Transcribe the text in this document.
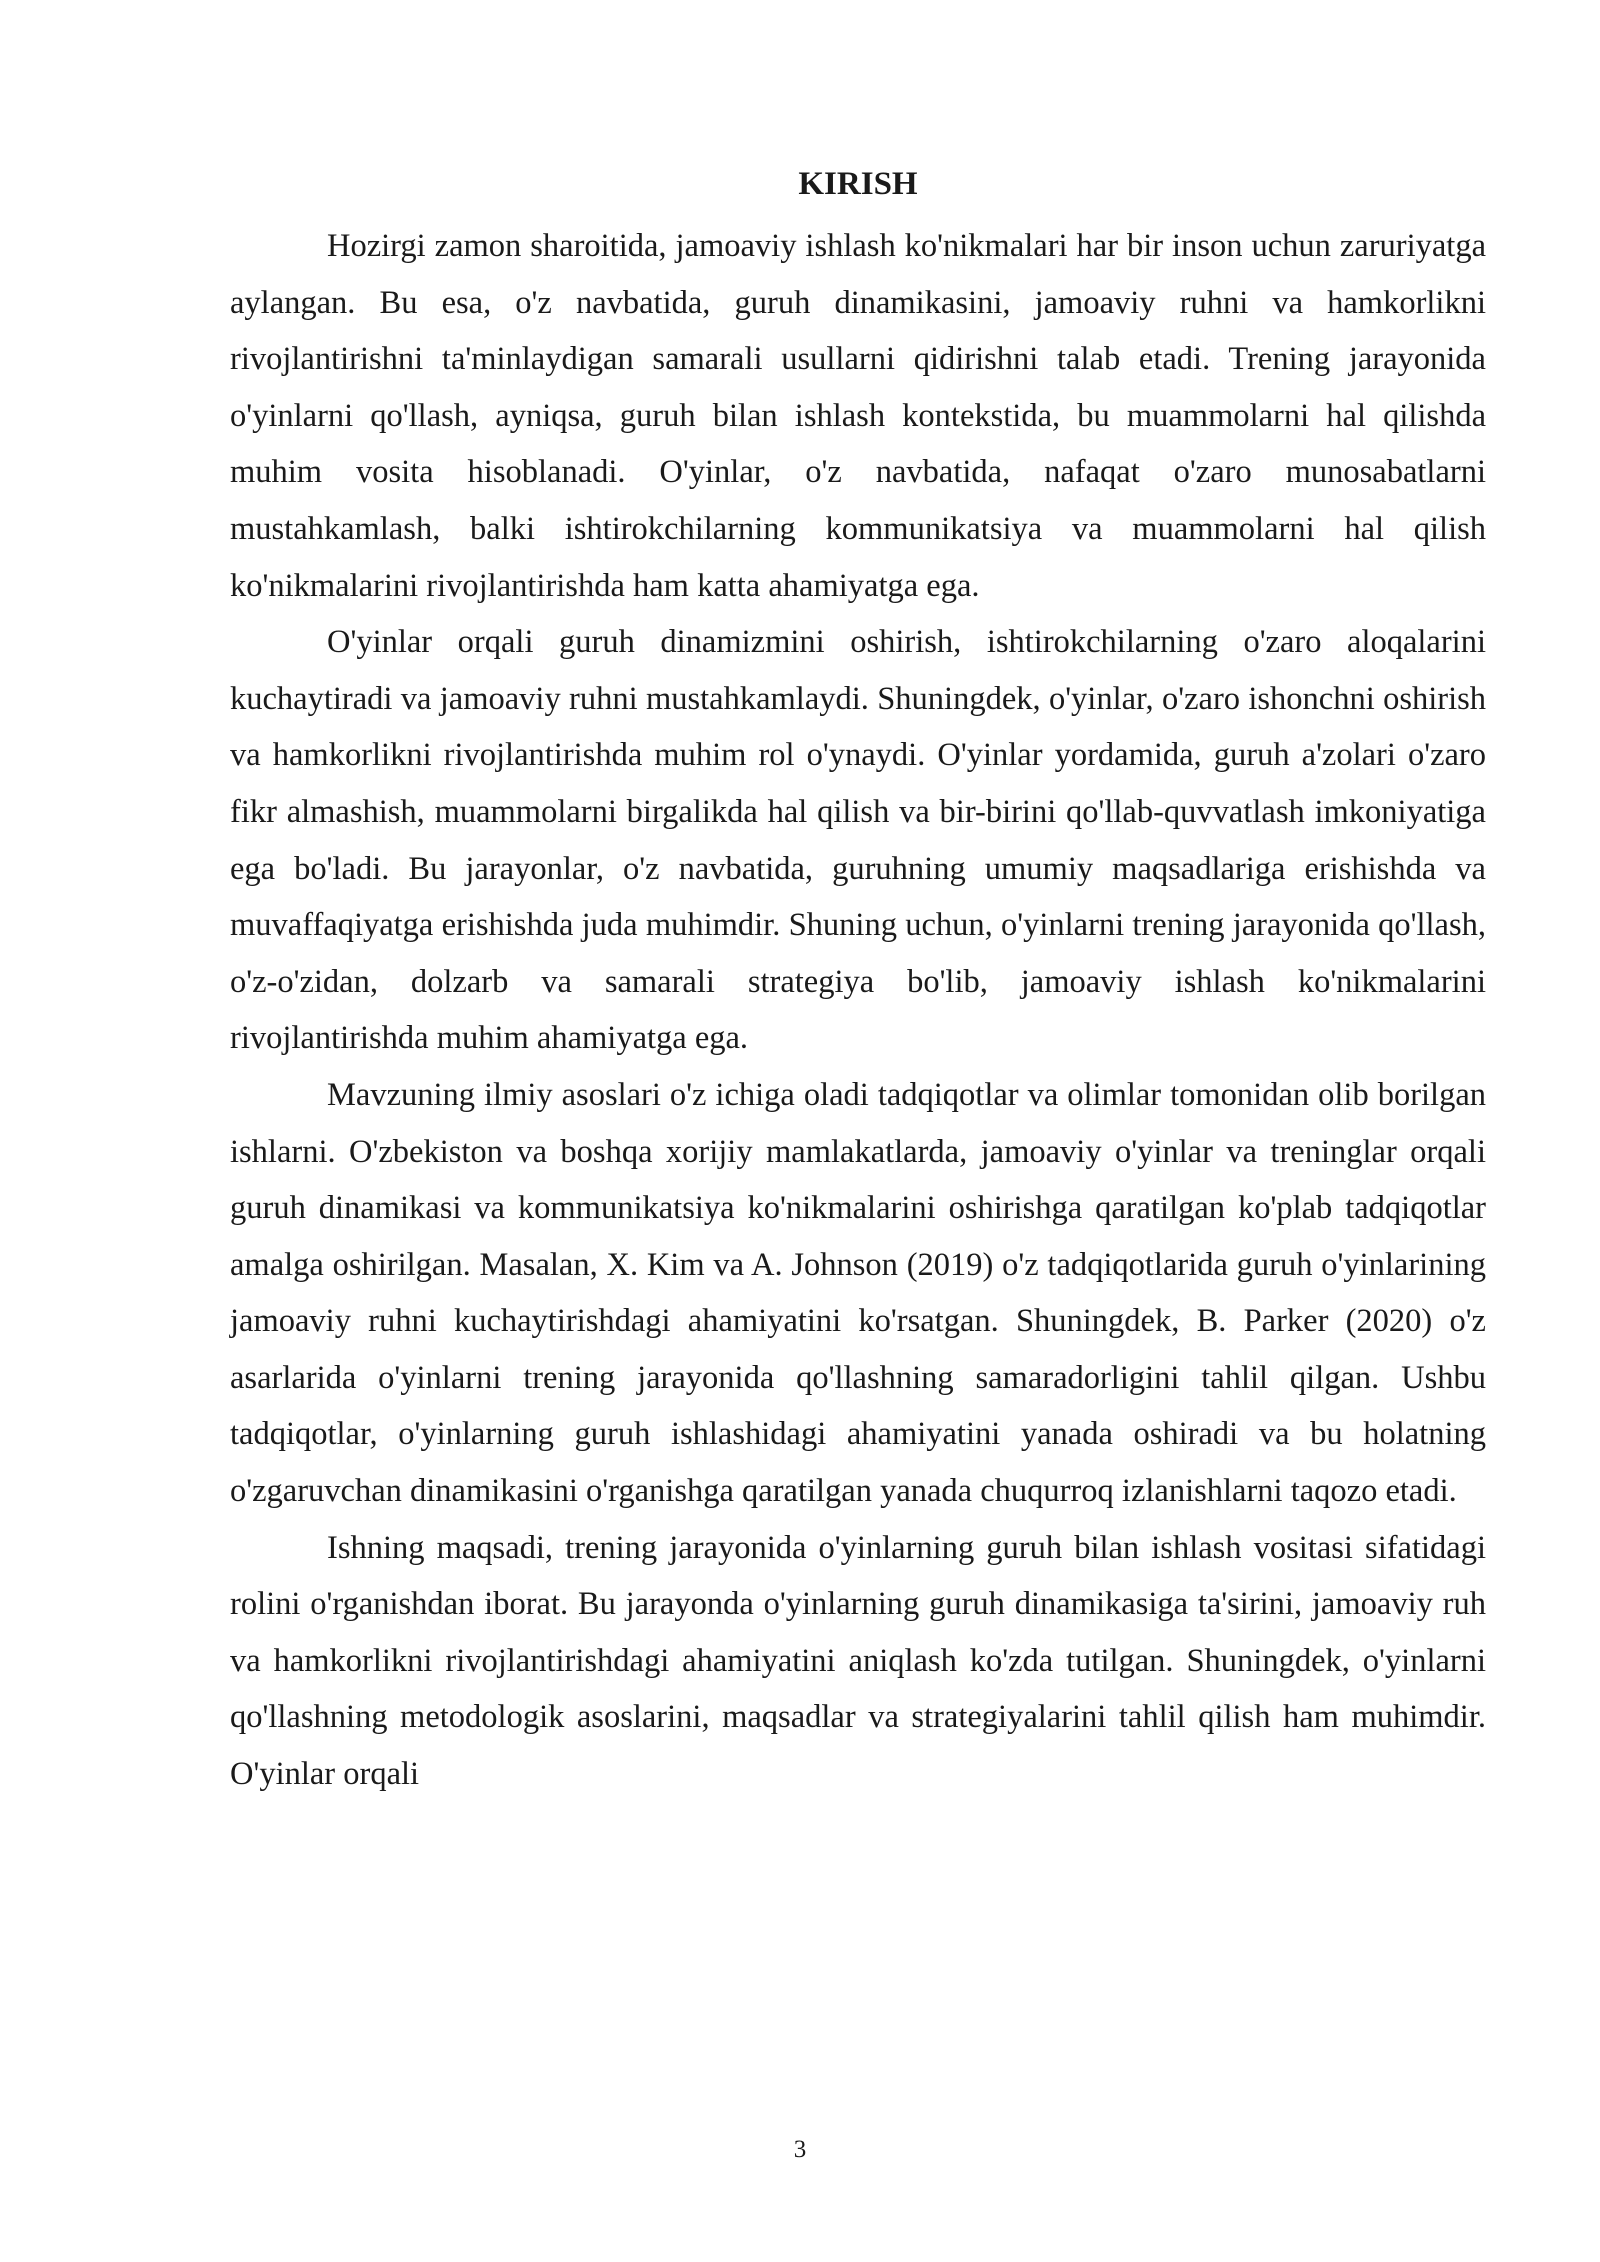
KIRISH

Hozirgi zamon sharoitida, jamoaviy ishlash ko'nikmalari har bir inson uchun zaruriyatga aylangan. Bu esa, o'z navbatida, guruh dinamikasini, jamoaviy ruhni va hamkorlikni rivojlantirishni ta'minlaydigan samarali usullarni qidirishni talab etadi. Trening jarayonida o'yinlarni qo'llash, ayniqsa, guruh bilan ishlash kontekstida, bu muammolarni hal qilishda muhim vosita hisoblanadi. O'yinlar, o'z navbatida, nafaqat o'zaro munosabatlarni mustahkamlash, balki ishtirokchilarning kommunikatsiya va muammolarni hal qilish ko'nikmalarini rivojlantirishda ham katta ahamiyatga ega.

O'yinlar orqali guruh dinamizmini oshirish, ishtirokchilarning o'zaro aloqalarini kuchaytiradi va jamoaviy ruhni mustahkamlaydi. Shuningdek, o'yinlar, o'zaro ishonchni oshirish va hamkorlikni rivojlantirishda muhim rol o'ynaydi. O'yinlar yordamida, guruh a'zolari o'zaro fikr almashish, muammolarni birgalikda hal qilish va bir-birini qo'llab-quvvatlash imkoniyatiga ega bo'ladi. Bu jarayonlar, o'z navbatida, guruhning umumiy maqsadlariga erishishda va muvaffaqiyatga erishishda juda muhimdir. Shuning uchun, o'yinlarni trening jarayonida qo'llash, o'z-o'zidan, dolzarb va samarali strategiya bo'lib, jamoaviy ishlash ko'nikmalarini rivojlantirishda muhim ahamiyatga ega.

Mavzuning ilmiy asoslari o'z ichiga oladi tadqiqotlar va olimlar tomonidan olib borilgan ishlarni. O'zbekiston va boshqa xorijiy mamlakatlarda, jamoaviy o'yinlar va treninglar orqali guruh dinamikasi va kommunikatsiya ko'nikmalarini oshirishga qaratilgan ko'plab tadqiqotlar amalga oshirilgan. Masalan, X. Kim va A. Johnson (2019) o'z tadqiqotlarida guruh o'yinlarining jamoaviy ruhni kuchaytirishdagi ahamiyatini ko'rsatgan. Shuningdek, B. Parker (2020) o'z asarlarida o'yinlarni trening jarayonida qo'llashning samaradorligini tahlil qilgan. Ushbu tadqiqotlar, o'yinlarning guruh ishlashidagi ahamiyatini yanada oshiradi va bu holatning o'zgaruvchan dinamikasini o'rganishga qaratilgan yanada chuqurroq izlanishlarni taqozo etadi.

Ishning maqsadi, trening jarayonida o'yinlarning guruh bilan ishlash vositasi sifatidagi rolini o'rganishdan iborat. Bu jarayonda o'yinlarning guruh dinamikasiga ta'sirini, jamoaviy ruh va hamkorlikni rivojlantirishdagi ahamiyatini aniqlash ko'zda tutilgan. Shuningdek, o'yinlarni qo'llashning metodologik asoslarini, maqsadlar va strategiyalarini tahlil qilish ham muhimdir. O'yinlar orqali

3
